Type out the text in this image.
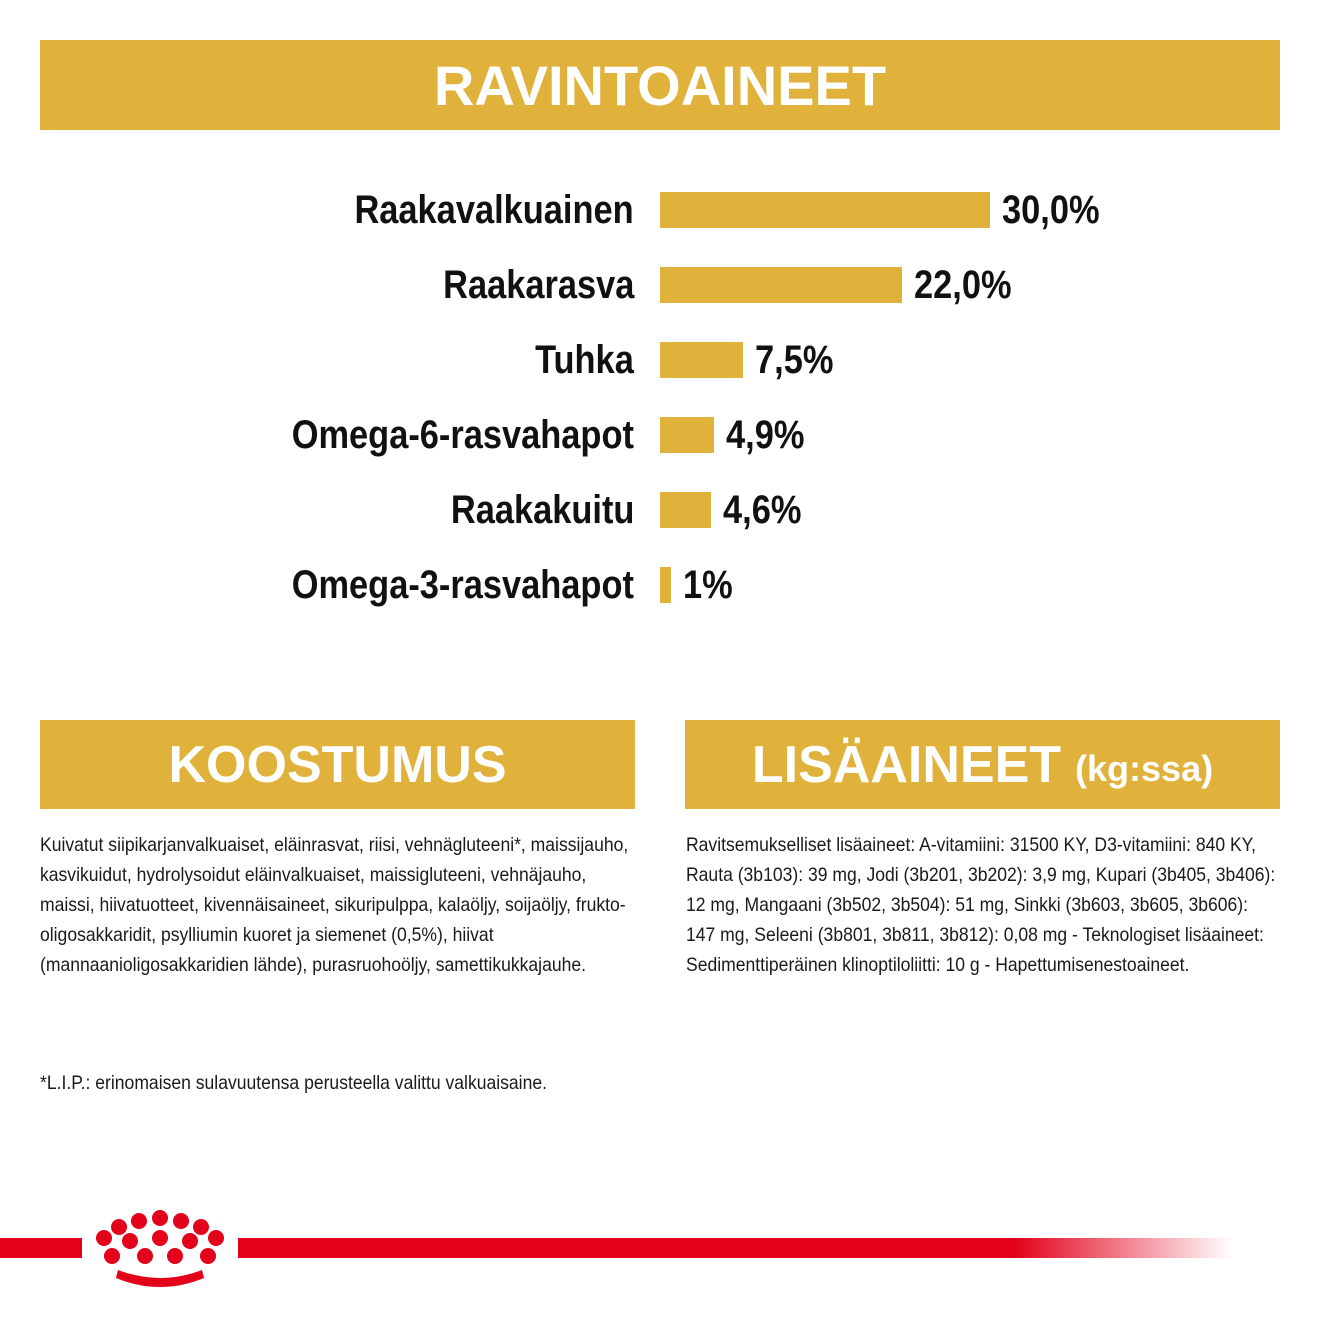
RAVINTOAINEET
Raakavalkuainen	30,0%
Raakarasva	22,0%
Tuhka	7,5%
Omega-6-rasvahapot 4,9%
Raakakuitu 4,6%
Omega-3-rasvahapot 1%
KOOSTUMUS	LISÄAINEET (kg:ssa)
Kuivatut siipikarjanvalkuaiset, eläinrasvat, riisi, vehnägluteeni*, maissijauho, kasvikuidut, hydrolysoidut eläinvalkuaiset, maissigluteeni, vehnäjauho, maissi, hiivatuotteet, kivennäisaineet, sikuripulppa, kalaöljy, soijaöljy, frukto-oligosakkaridit, psylliumin kuoret ja siemenet (0,5%), hiivat (mannaanioligosakkaridien lähde), purasruohoöljy, samettikukkajauhe.
*L.I.P.: erinomaisen sulavuutensa perusteella valittu valkuaisaine.
Ravitsemukselliset lisäaineet: A-vitamiini: 31500 KY, D3-vitamiini: 840 KY, Rauta (3b103): 39 mg, Jodi (3b201, 3b202): 3,9 mg, Kupari (3b405, 3b406): 12 mg, Mangaani (3b502, 3b504): 51 mg, Sinkki (3b603, 3b605, 3b606): 147 mg, Seleeni (3b801, 3b811, 3b812): 0,08 mg - Teknologiset lisäaineet: Sedimenttiperäinen klinoptiloliitti: 10 g - Hapettumisenestoaineet.
